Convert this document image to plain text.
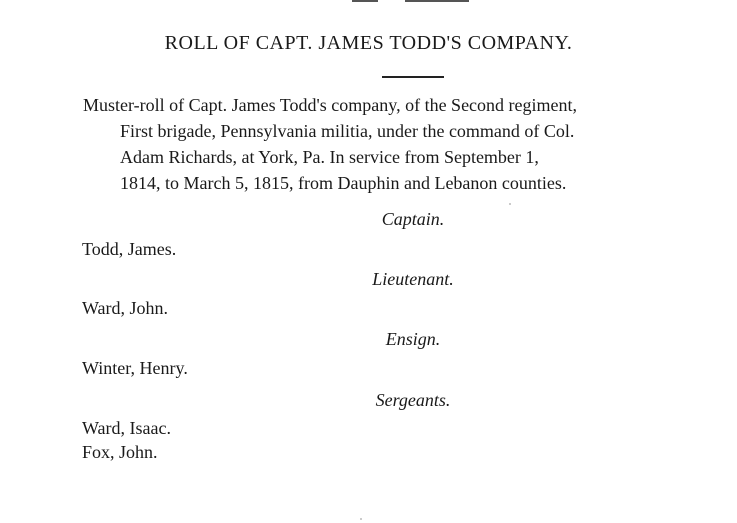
ROLL OF CAPT. JAMES TODD'S COMPANY.

Muster-roll of Capt. James Todd's company, of the Second regiment,
First brigade, Pennsylvania militia, under the command of Col.
Adam Richards, at York, Pa. In service from September 1,
1814, to March 5, 1815, from Dauphin and Lebanon counties.

Captain.

Todd, James.

Lieutenant.

Ward, John.

Ensign.

Winter, Henry.

Sergeants.

Ward, Isaac.

Fox, John.
